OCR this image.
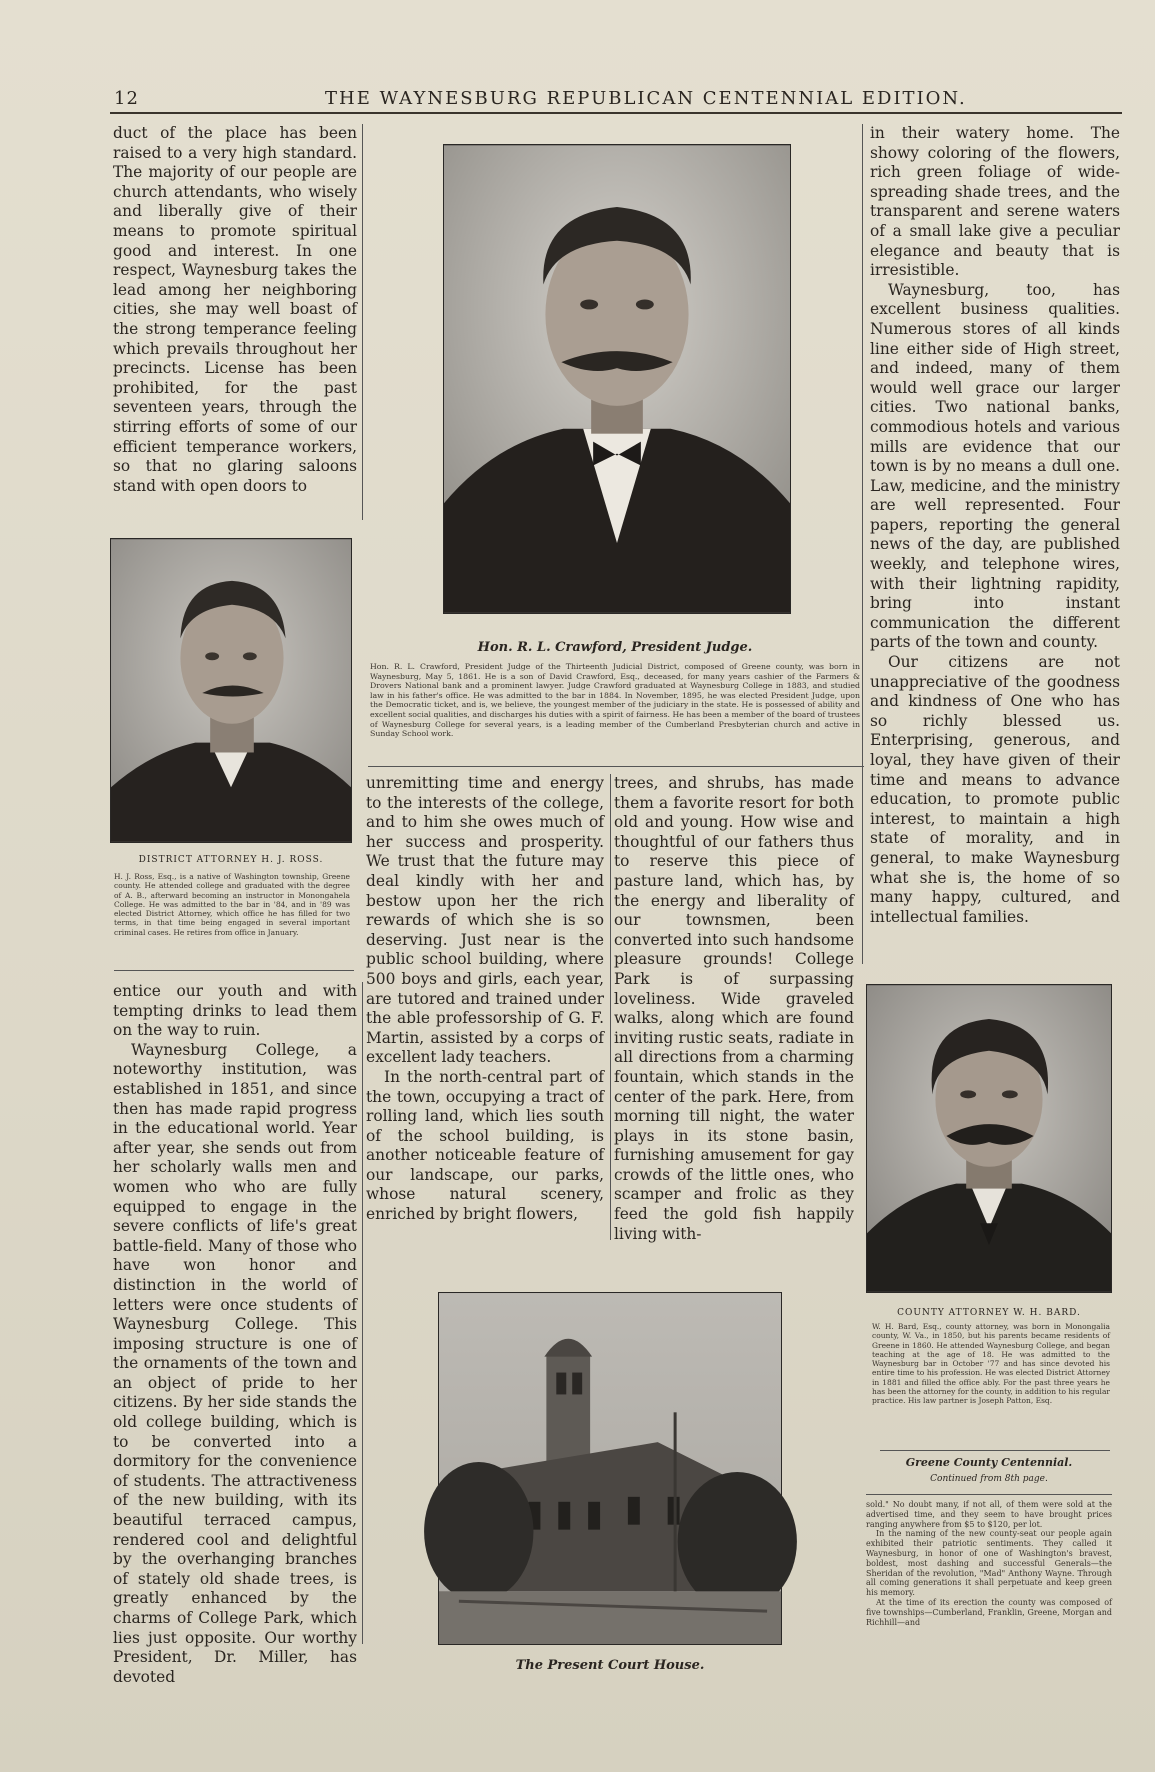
12	THE WAYNESBURG REPUBLICAN CENTENNIAL EDITION.

duct of the place has been raised to a very high standard. The majority of our people are church attendants, who wisely and liberally give of their means to promote spiritual good and interest. In one respect, Waynesburg takes the lead among her neighboring cities, she may well boast of the strong temperance feeling which prevails throughout her precincts. License has been prohibited, for the past seventeen years, through the stirring efforts of some of our efficient temperance workers, so that no glaring saloons stand with open doors to

DISTRICT ATTORNEY H. J. ROSS.
H. J. Ross, Esq., is a native of Washington township, Greene county. He attended college and graduated with the degree of A. B., afterward becoming an instructor in Monongahela College. He was admitted to the bar in '84, and in '89 was elected District Attorney, which office he has filled for two terms, in that time being engaged in several important criminal cases. He retires from office in January.

entice our youth and with tempting drinks to lead them on the way to ruin.

Waynesburg College, a noteworthy institution, was established in 1851, and since then has made rapid progress in the educational world. Year after year, she sends out from her scholarly walls men and women who who are fully equipped to engage in the severe conflicts of life's great battle-field. Many of those who have won honor and distinction in the world of letters were once students of Waynesburg College. This imposing structure is one of the ornaments of the town and an object of pride to her citizens. By her side stands the old college building, which is to be converted into a dormitory for the convenience of students. The attractiveness of the new building, with its beautiful terraced campus, rendered cool and delightful by the overhanging branches of stately old shade trees, is greatly enhanced by the charms of College Park, which lies just opposite. Our worthy President, Dr. Miller, has devoted

Hon. R. L. Crawford, President Judge.
Hon. R. L. Crawford, President Judge of the Thirteenth Judicial District, composed of Greene county, was born in Waynesburg, May 5, 1861. He is a son of David Crawford, Esq., deceased, for many years cashier of the Farmers & Drovers National bank and a prominent lawyer. Judge Crawford graduated at Waynesburg College in 1883, and studied law in his father's office. He was admitted to the bar in 1884. In November, 1895, he was elected President Judge, upon the Democratic ticket, and is, we believe, the youngest member of the judiciary in the state. He is possessed of ability and excellent social qualities, and discharges his duties with a spirit of fairness. He has been a member of the board of trustees of Waynesburg College for several years, is a leading member of the Cumberland Presbyterian church and active in Sunday School work.

unremitting time and energy to the interests of the college, and to him she owes much of her success and prosperity. We trust that the future may deal kindly with her and bestow upon her the rich rewards of which she is so deserving. Just near is the public school building, where 500 boys and girls, each year, are tutored and trained under the able professorship of G. F. Martin, assisted by a corps of excellent lady teachers.

In the north-central part of the town, occupying a tract of rolling land, which lies south of the school building, is another noticeable feature of our landscape, our parks, whose natural scenery, enriched by bright flowers,

trees, and shrubs, has made them a favorite resort for both old and young. How wise and thoughtful of our fathers thus to reserve this piece of pasture land, which has, by the energy and liberality of our townsmen, been converted into such handsome pleasure grounds! College Park is of surpassing loveliness. Wide graveled walks, along which are found inviting rustic seats, radiate in all directions from a charming fountain, which stands in the center of the park. Here, from morning till night, the water plays in its stone basin, furnishing amusement for gay crowds of the little ones, who scamper and frolic as they feed the gold fish happily living with-

The Present Court House.

in their watery home. The showy coloring of the flowers, rich green foliage of wide-spreading shade trees, and the transparent and serene waters of a small lake give a peculiar elegance and beauty that is irresistible.

Waynesburg, too, has excellent business qualities. Numerous stores of all kinds line either side of High street, and indeed, many of them would well grace our larger cities. Two national banks, commodious hotels and various mills are evidence that our town is by no means a dull one. Law, medicine, and the ministry are well represented. Four papers, reporting the general news of the day, are published weekly, and telephone wires, with their lightning rapidity, bring into instant communication the different parts of the town and county.

Our citizens are not unappreciative of the goodness and kindness of One who has so richly blessed us. Enterprising, generous, and loyal, they have given of their time and means to advance education, to promote public interest, to maintain a high state of morality, and in general, to make Waynesburg what she is, the home of so many happy, cultured, and intellectual families.

COUNTY ATTORNEY W. H. BARD.
W. H. Bard, Esq., county attorney, was born in Monongalia county, W. Va., in 1850, but his parents became residents of Greene in 1860. He attended Waynesburg College, and began teaching at the age of 18. He was admitted to the Waynesburg bar in October '77 and has since devoted his entire time to his profession. He was elected District Attorney in 1881 and filled the office ably. For the past three years he has been the attorney for the county, in addition to his regular practice. His law partner is Joseph Patton, Esq.
Greene County Centennial.
Continued from 8th page.

sold." No doubt many, if not all, of them were sold at the advertised time, and they seem to have brought prices ranging anywhere from $5 to $120, per lot.

In the naming of the new county-seat our people again exhibited their patriotic sentiments. They called it Waynesburg, in honor of one of Washington's bravest, boldest, most dashing and successful Generals—the Sheridan of the revolution, "Mad" Anthony Wayne. Through all coming generations it shall perpetuate and keep green his memory.

At the time of its erection the county was composed of five townships—Cumberland, Franklin, Greene, Morgan and Richhill—and
